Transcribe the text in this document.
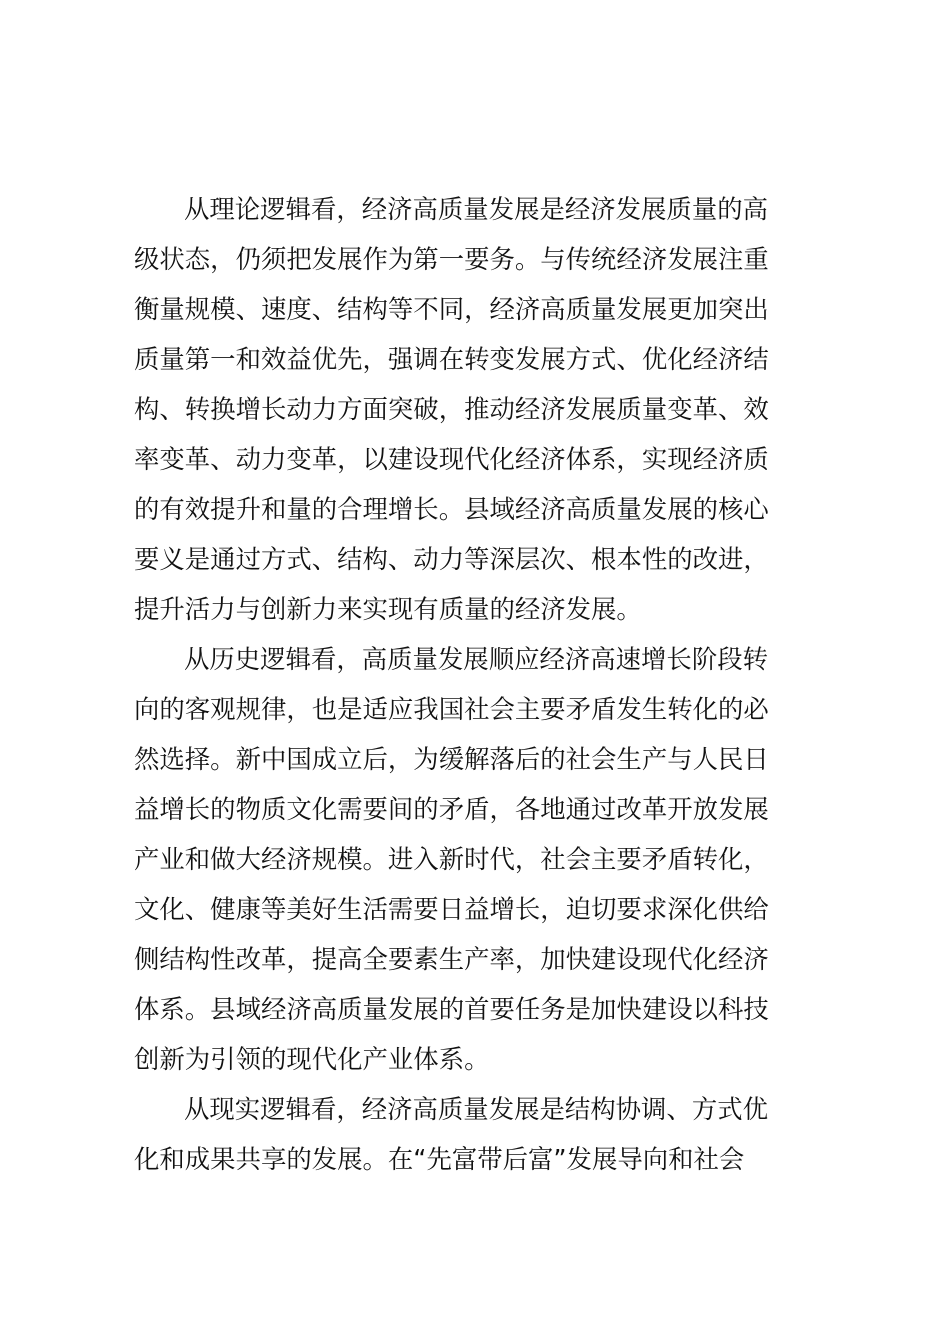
从理论逻辑看，经济高质量发展是经济发展质量的高
级状态，仍须把发展作为第一要务。与传统经济发展注重
衡量规模、速度、结构等不同，经济高质量发展更加突出
质量第一和效益优先，强调在转变发展方式、优化经济结
构、转换增长动力方面突破，推动经济发展质量变革、效
率变革、动力变革，以建设现代化经济体系，实现经济质
的有效提升和量的合理增长。县域经济高质量发展的核心
要义是通过方式、结构、动力等深层次、根本性的改进，
提升活力与创新力来实现有质量的经济发展。
从历史逻辑看，高质量发展顺应经济高速增长阶段转
向的客观规律，也是适应我国社会主要矛盾发生转化的必
然选择。新中国成立后，为缓解落后的社会生产与人民日
益增长的物质文化需要间的矛盾，各地通过改革开放发展
产业和做大经济规模。进入新时代，社会主要矛盾转化，
文化、健康等美好生活需要日益增长，迫切要求深化供给
侧结构性改革，提高全要素生产率，加快建设现代化经济
体系。县域经济高质量发展的首要任务是加快建设以科技
创新为引领的现代化产业体系。
从现实逻辑看，经济高质量发展是结构协调、方式优
化和成果共享的发展。在“先富带后富”发展导向和社会
